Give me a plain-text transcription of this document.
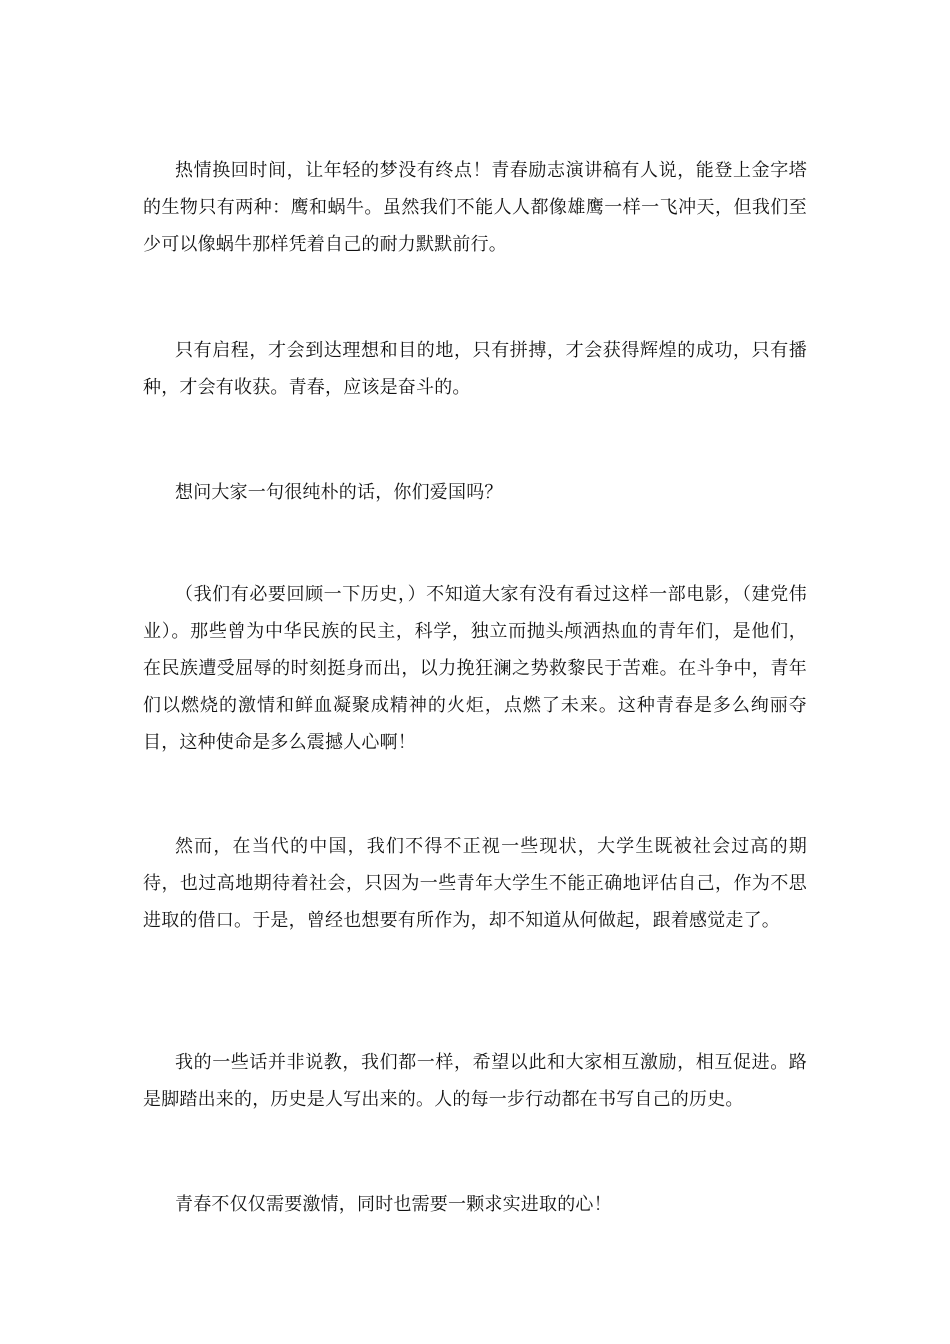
热情换回时间，让年轻的梦没有终点！青春励志演讲稿有人说，能登上金字塔的生物只有两种：鹰和蜗牛。虽然我们不能人人都像雄鹰一样一飞冲天，但我们至少可以像蜗牛那样凭着自己的耐力默默前行。

只有启程，才会到达理想和目的地，只有拼搏，才会获得辉煌的成功，只有播种，才会有收获。青春，应该是奋斗的。

想问大家一句很纯朴的话，你们爱国吗？

（我们有必要回顾一下历史，）不知道大家有没有看过这样一部电影，（建党伟业）。那些曾为中华民族的民主，科学，独立而抛头颅洒热血的青年们，是他们，在民族遭受屈辱的时刻挺身而出，以力挽狂澜之势救黎民于苦难。在斗争中，青年们以燃烧的激情和鲜血凝聚成精神的火炬，点燃了未来。这种青春是多么绚丽夺目，这种使命是多么震撼人心啊！

然而，在当代的中国，我们不得不正视一些现状，大学生既被社会过高的期待，也过高地期待着社会，只因为一些青年大学生不能正确地评估自己，作为不思进取的借口。于是，曾经也想要有所作为，却不知道从何做起，跟着感觉走了。

我的一些话并非说教，我们都一样，希望以此和大家相互激励，相互促进。路是脚踏出来的，历史是人写出来的。人的每一步行动都在书写自己的历史。

青春不仅仅需要激情，同时也需要一颗求实进取的心！
